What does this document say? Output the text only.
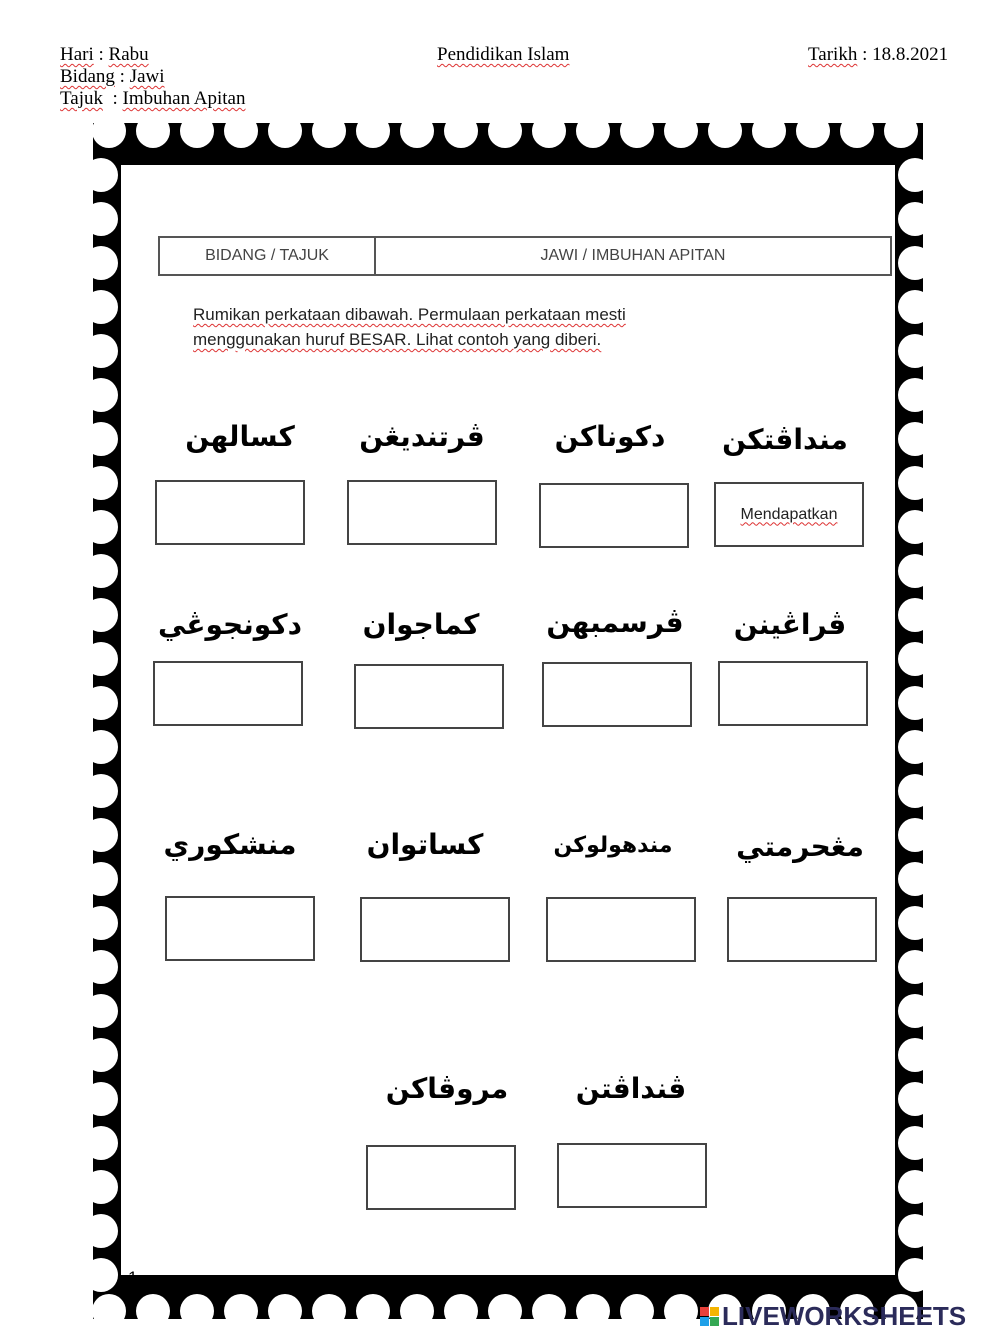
Hari : Rabu
Bidang : Jawi
Tajuk  : Imbuhan Apitan
Pendidikan Islam	Tarikh : 18.8.2021
BIDANG / TAJUK	JAWI / IMBUHAN APITAN
Rumikan perkataan dibawah. Permulaan perkataan mesti
menggunakan huruf BESAR. Lihat contoh yang diberi.
كسالهن	ڤرتنديڠن	دكوناكن	منداڤتكن
Mendapatkan
دكونجوڠي	كماجوان	ڤرسمبهن	ڤراڠينن
منشكوري	كساتوان	مندهولوكن	مڠحرمتي
مروڤاكن	ڤنداڤتن
1
LIVEWORKSHEETS
